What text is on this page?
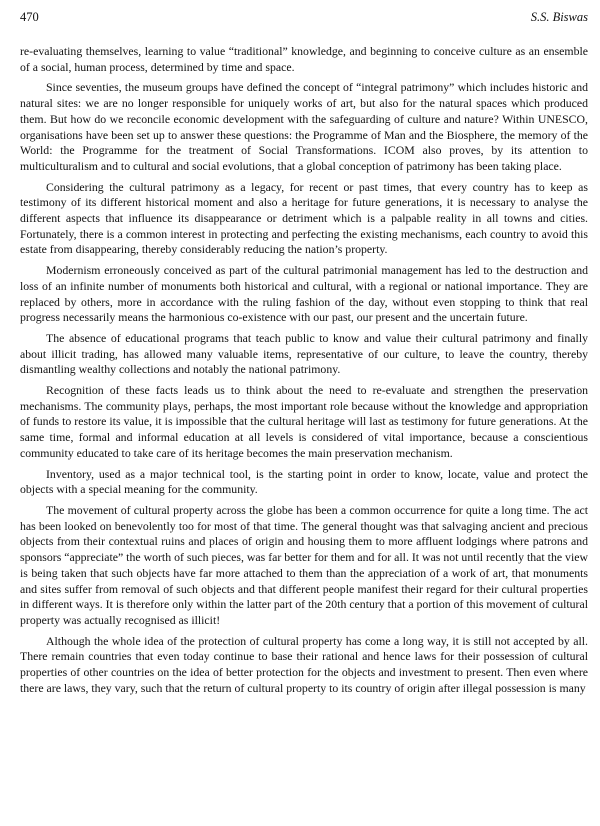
470	S.S. Biswas

re-evaluating themselves, learning to value “traditional” knowledge, and beginning to conceive culture as an ensemble of a social, human process, determined by time and space.

Since seventies, the museum groups have defined the concept of “integral patrimony” which includes historic and natural sites: we are no longer responsible for uniquely works of art, but also for the natural spaces which produced them. But how do we reconcile economic development with the safeguarding of culture and nature? Within UNESCO, organisations have been set up to answer these questions: the Programme of Man and the Biosphere, the memory of the World: the Programme for the treatment of Social Transformations. ICOM also proves, by its attention to multiculturalism and to cultural and social evolutions, that a global conception of patrimony has been taking place.

Considering the cultural patrimony as a legacy, for recent or past times, that every country has to keep as testimony of its different historical moment and also a heritage for future generations, it is necessary to analyse the different aspects that influence its disappearance or detriment which is a palpable reality in all towns and cities. Fortunately, there is a common interest in protecting and perfecting the existing mechanisms, each country to avoid this estate from disappearing, thereby considerably reducing the nation’s property.

Modernism erroneously conceived as part of the cultural patrimonial management has led to the destruction and loss of an infinite number of monuments both historical and cultural, with a regional or national importance. They are replaced by others, more in accordance with the ruling fashion of the day, without even stopping to think that real progress necessarily means the harmonious co-existence with our past, our present and the uncertain future.

The absence of educational programs that teach public to know and value their cultural patrimony and finally about illicit trading, has allowed many valuable items, representative of our culture, to leave the country, thereby dismantling wealthy collections and notably the national patrimony.

Recognition of these facts leads us to think about the need to re-evaluate and strengthen the preservation mechanisms. The community plays, perhaps, the most important role because without the knowledge and appropriation of funds to restore its value, it is impossible that the cultural heritage will last as testimony for future generations. At the same time, formal and informal education at all levels is considered of vital importance, because a conscientious community educated to take care of its heritage becomes the main preservation mechanism.

Inventory, used as a major technical tool, is the starting point in order to know, locate, value and protect the objects with a special meaning for the community.

The movement of cultural property across the globe has been a common occurrence for quite a long time. The act has been looked on benevolently too for most of that time. The general thought was that salvaging ancient and precious objects from their contextual ruins and places of origin and housing them to more affluent lodgings where patrons and sponsors “appreciate” the worth of such pieces, was far better for them and for all. It was not until recently that the view is being taken that such objects have far more attached to them than the appreciation of a work of art, that monuments and sites suffer from removal of such objects and that different people manifest their regard for their cultural properties in different ways. It is therefore only within the latter part of the 20th century that a portion of this movement of cultural property was actually recognised as illicit!

Although the whole idea of the protection of cultural property has come a long way, it is still not accepted by all. There remain countries that even today continue to base their rational and hence laws for their possession of cultural properties of other countries on the idea of better protection for the objects and investment to present. Then even where there are laws, they vary, such that the return of cultural property to its country of origin after illegal possession is many
